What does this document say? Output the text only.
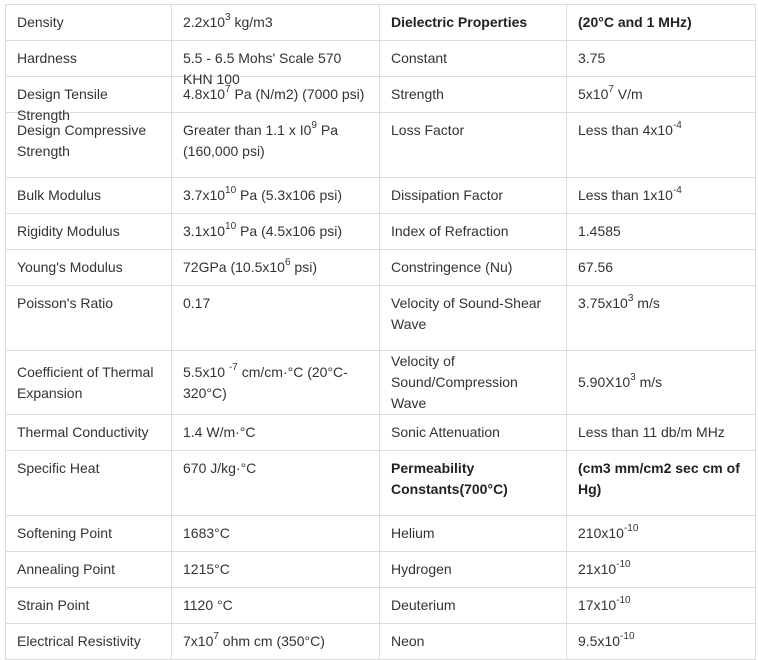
Density	$2.2x10^3$ kg/m3	Dielectric Properties	(20°C and 1 MHz)
Hardness	5.5 - 6.5 Mohs' Scale 570 KHN 100	Constant	3.75

Design Tensile Strength	$4.8x10^7$ Pa (N/m2) (7000 psi)	Strength	$5x10^7$ V/m
Design Compressive Strength	Greater than 1.1 x $I0^9$ Pa (160,000 psi)	Loss Factor	Less than $4x10^{-4}$
Bulk Modulus	$3.7x10^{10}$ Pa (5.3x106 psi)	Dissipation Factor	Less than $1x10^{-4}$
Rigidity Modulus	$3.1x10^{10}$ Pa (4.5x106 psi)	Index of Refraction	1.4585
Young's Modulus	72GPa ($10.5x10^6$ psi)	Constringence (Nu)	67.56
Poisson's Ratio	0.17	Velocity of Sound-Shear Wave	$3.75x10^3$ m/s
Coefficient of Thermal Expansion	5.5x10 $^{-7}$ cm/cm·°C (20°C-320°C)	Velocity of Sound/Compression Wave	$5.90X10^3$ m/s
Thermal Conductivity	1.4 W/m·°C	Sonic Attenuation	Less than 11 db/m MHz
Specific Heat	670 J/kg·°C	Permeability Constants(700°C)	(cm3 mm/cm2 sec cm of Hg)
Softening Point	1683°C	Helium	$210x10^{-10}$
Annealing Point	1215°C	Hydrogen	$21x10^{-10}$
Strain Point	1120 °C	Deuterium	$17x10^{-10}$
Electrical Resistivity	$7x10^7$ ohm cm (350°C)	Neon	$9.5x10^{-10}$
